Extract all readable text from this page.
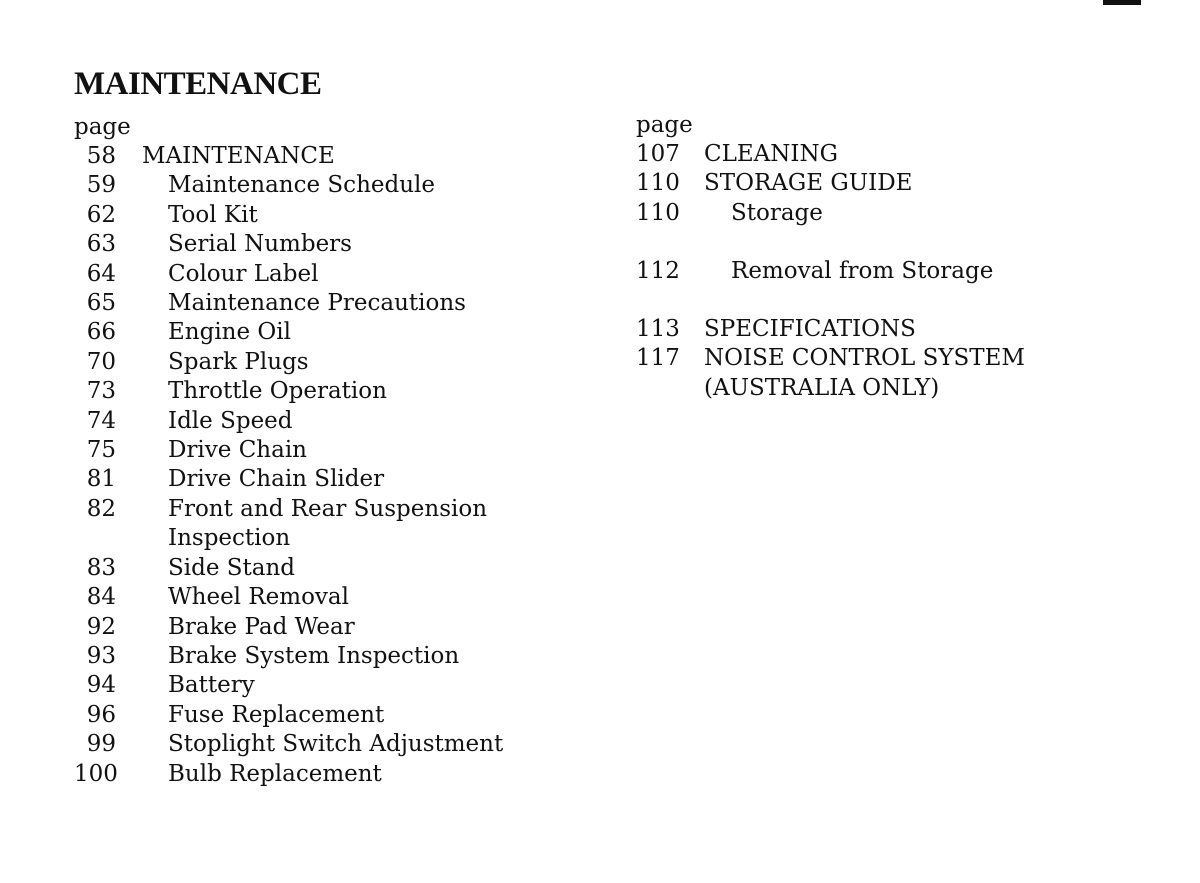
MAINTENANCE
page
58	MAINTENANCE
59	Maintenance Schedule
62	Tool Kit
63	Serial Numbers
64	Colour Label
65	Maintenance Precautions
66	Engine Oil
70	Spark Plugs
73	Throttle Operation
74	Idle Speed
75	Drive Chain
81	Drive Chain Slider
82	Front and Rear Suspension
Inspection
83	Side Stand
84	Wheel Removal
92	Brake Pad Wear
93	Brake System Inspection
94	Battery
96	Fuse Replacement
99	Stoplight Switch Adjustment
100	Bulb Replacement
page
107	CLEANING
110	STORAGE GUIDE
110	Storage
112	Removal from Storage
113	SPECIFICATIONS
117	NOISE CONTROL SYSTEM
(AUSTRALIA ONLY)
